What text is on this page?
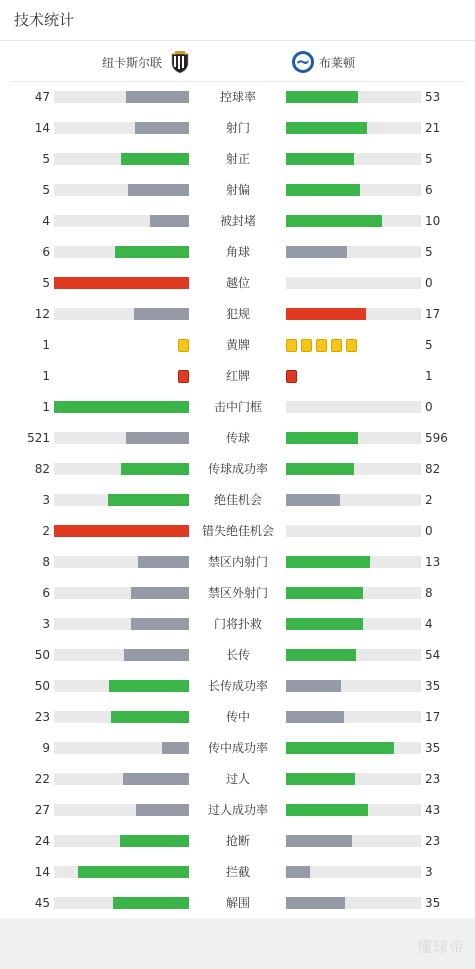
技术统计
纽卡斯尔联	布莱顿
47	控球率	53
14	射门	21
5	射正	5
5	射偏	6
4	被封堵	10
6	角球	5
5	越位	0
12	犯规	17
1	黄牌	5
1	红牌	1
1	击中门框	0
521	传球	596
82	传球成功率	82
3	绝佳机会	2
2	错失绝佳机会	0
8	禁区内射门	13
6	禁区外射门	8
3	门将扑救	4
50	长传	54
50	长传成功率	35
23	传中	17
9	传中成功率	35
22	过人	23
27	过人成功率	43
24	抢断	23
14	拦截	3
45	解围	35
懂球帝
